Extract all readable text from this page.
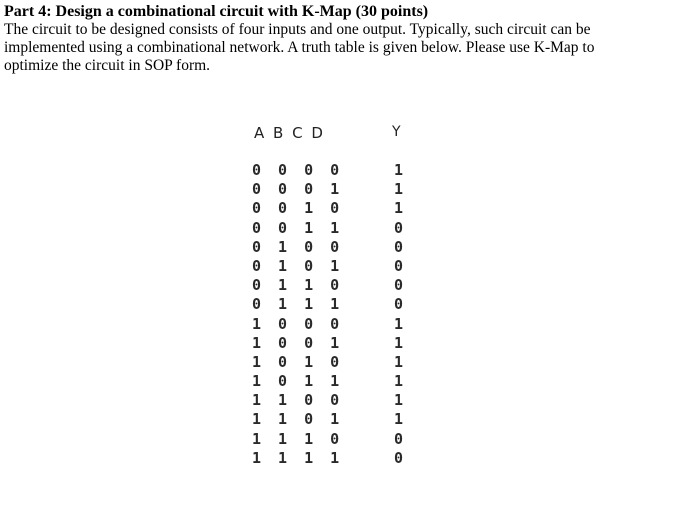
Part 4: Design a combinational circuit with K-Map (30 points)

The circuit to be designed consists of four inputs and one output. Typically, such circuit can be

implemented using a combinational network. A truth table is given below. Please use K-Map to

optimize the circuit in SOP form.

A B C D	Y
0 0 0 0	1
0 0 0 1	1
0 0 1 0	1
0 0 1 1	0
0 1 0 0	0
0 1 0 1	0
0 1 1 0	0
0 1 1 1	0
1 0 0 0	1
1 0 0 1	1
1 0 1 0	1
1 0 1 1	1
1 1 0 0	1
1 1 0 1	1
1 1 1 0	0
1 1 1 1	0
